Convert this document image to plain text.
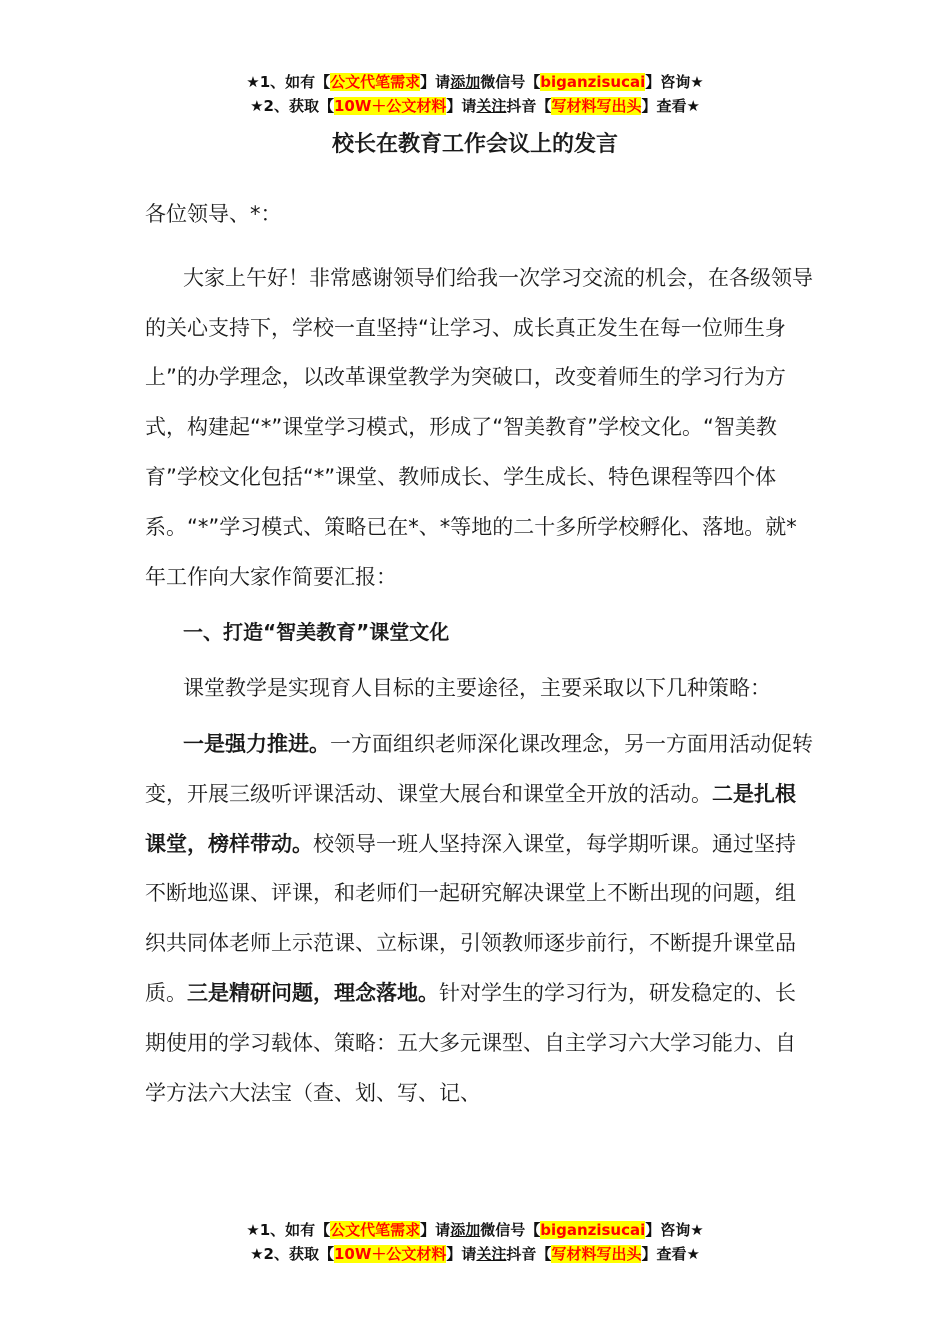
★1、如有【公文代笔需求】请添加微信号【biganzisucai】咨询★
★2、获取【10W＋公文材料】请关注抖音【写材料写出头】查看★
校长在教育工作会议上的发言

各位领导、*：

大家上午好！非常感谢领导们给我一次学习交流的机会，在各级领导的关心支持下，学校一直坚持“让学习、成长真正发生在每一位师生身上”的办学理念，以改革课堂教学为突破口，改变着师生的学习行为方式，构建起“*”课堂学习模式，形成了“智美教育”学校文化。“智美教育”学校文化包括“*”课堂、教师成长、学生成长、特色课程等四个体系。“*”学习模式、策略已在*、*等地的二十多所学校孵化、落地。就*年工作向大家作简要汇报：

一、打造“智美教育”课堂文化

课堂教学是实现育人目标的主要途径，主要采取以下几种策略：

一是强力推进。一方面组织老师深化课改理念，另一方面用活动促转变，开展三级听评课活动、课堂大展台和课堂全开放的活动。二是扎根课堂，榜样带动。校领导一班人坚持深入课堂，每学期听课。通过坚持不断地巡课、评课，和老师们一起研究解决课堂上不断出现的问题，组织共同体老师上示范课、立标课，引领教师逐步前行，不断提升课堂品质。三是精研问题，理念落地。针对学生的学习行为，研发稳定的、长期使用的学习载体、策略：五大多元课型、自主学习六大学习能力、自学方法六大法宝（查、划、写、记、

★1、如有【公文代笔需求】请添加微信号【biganzisucai】咨询★
★2、获取【10W＋公文材料】请关注抖音【写材料写出头】查看★
